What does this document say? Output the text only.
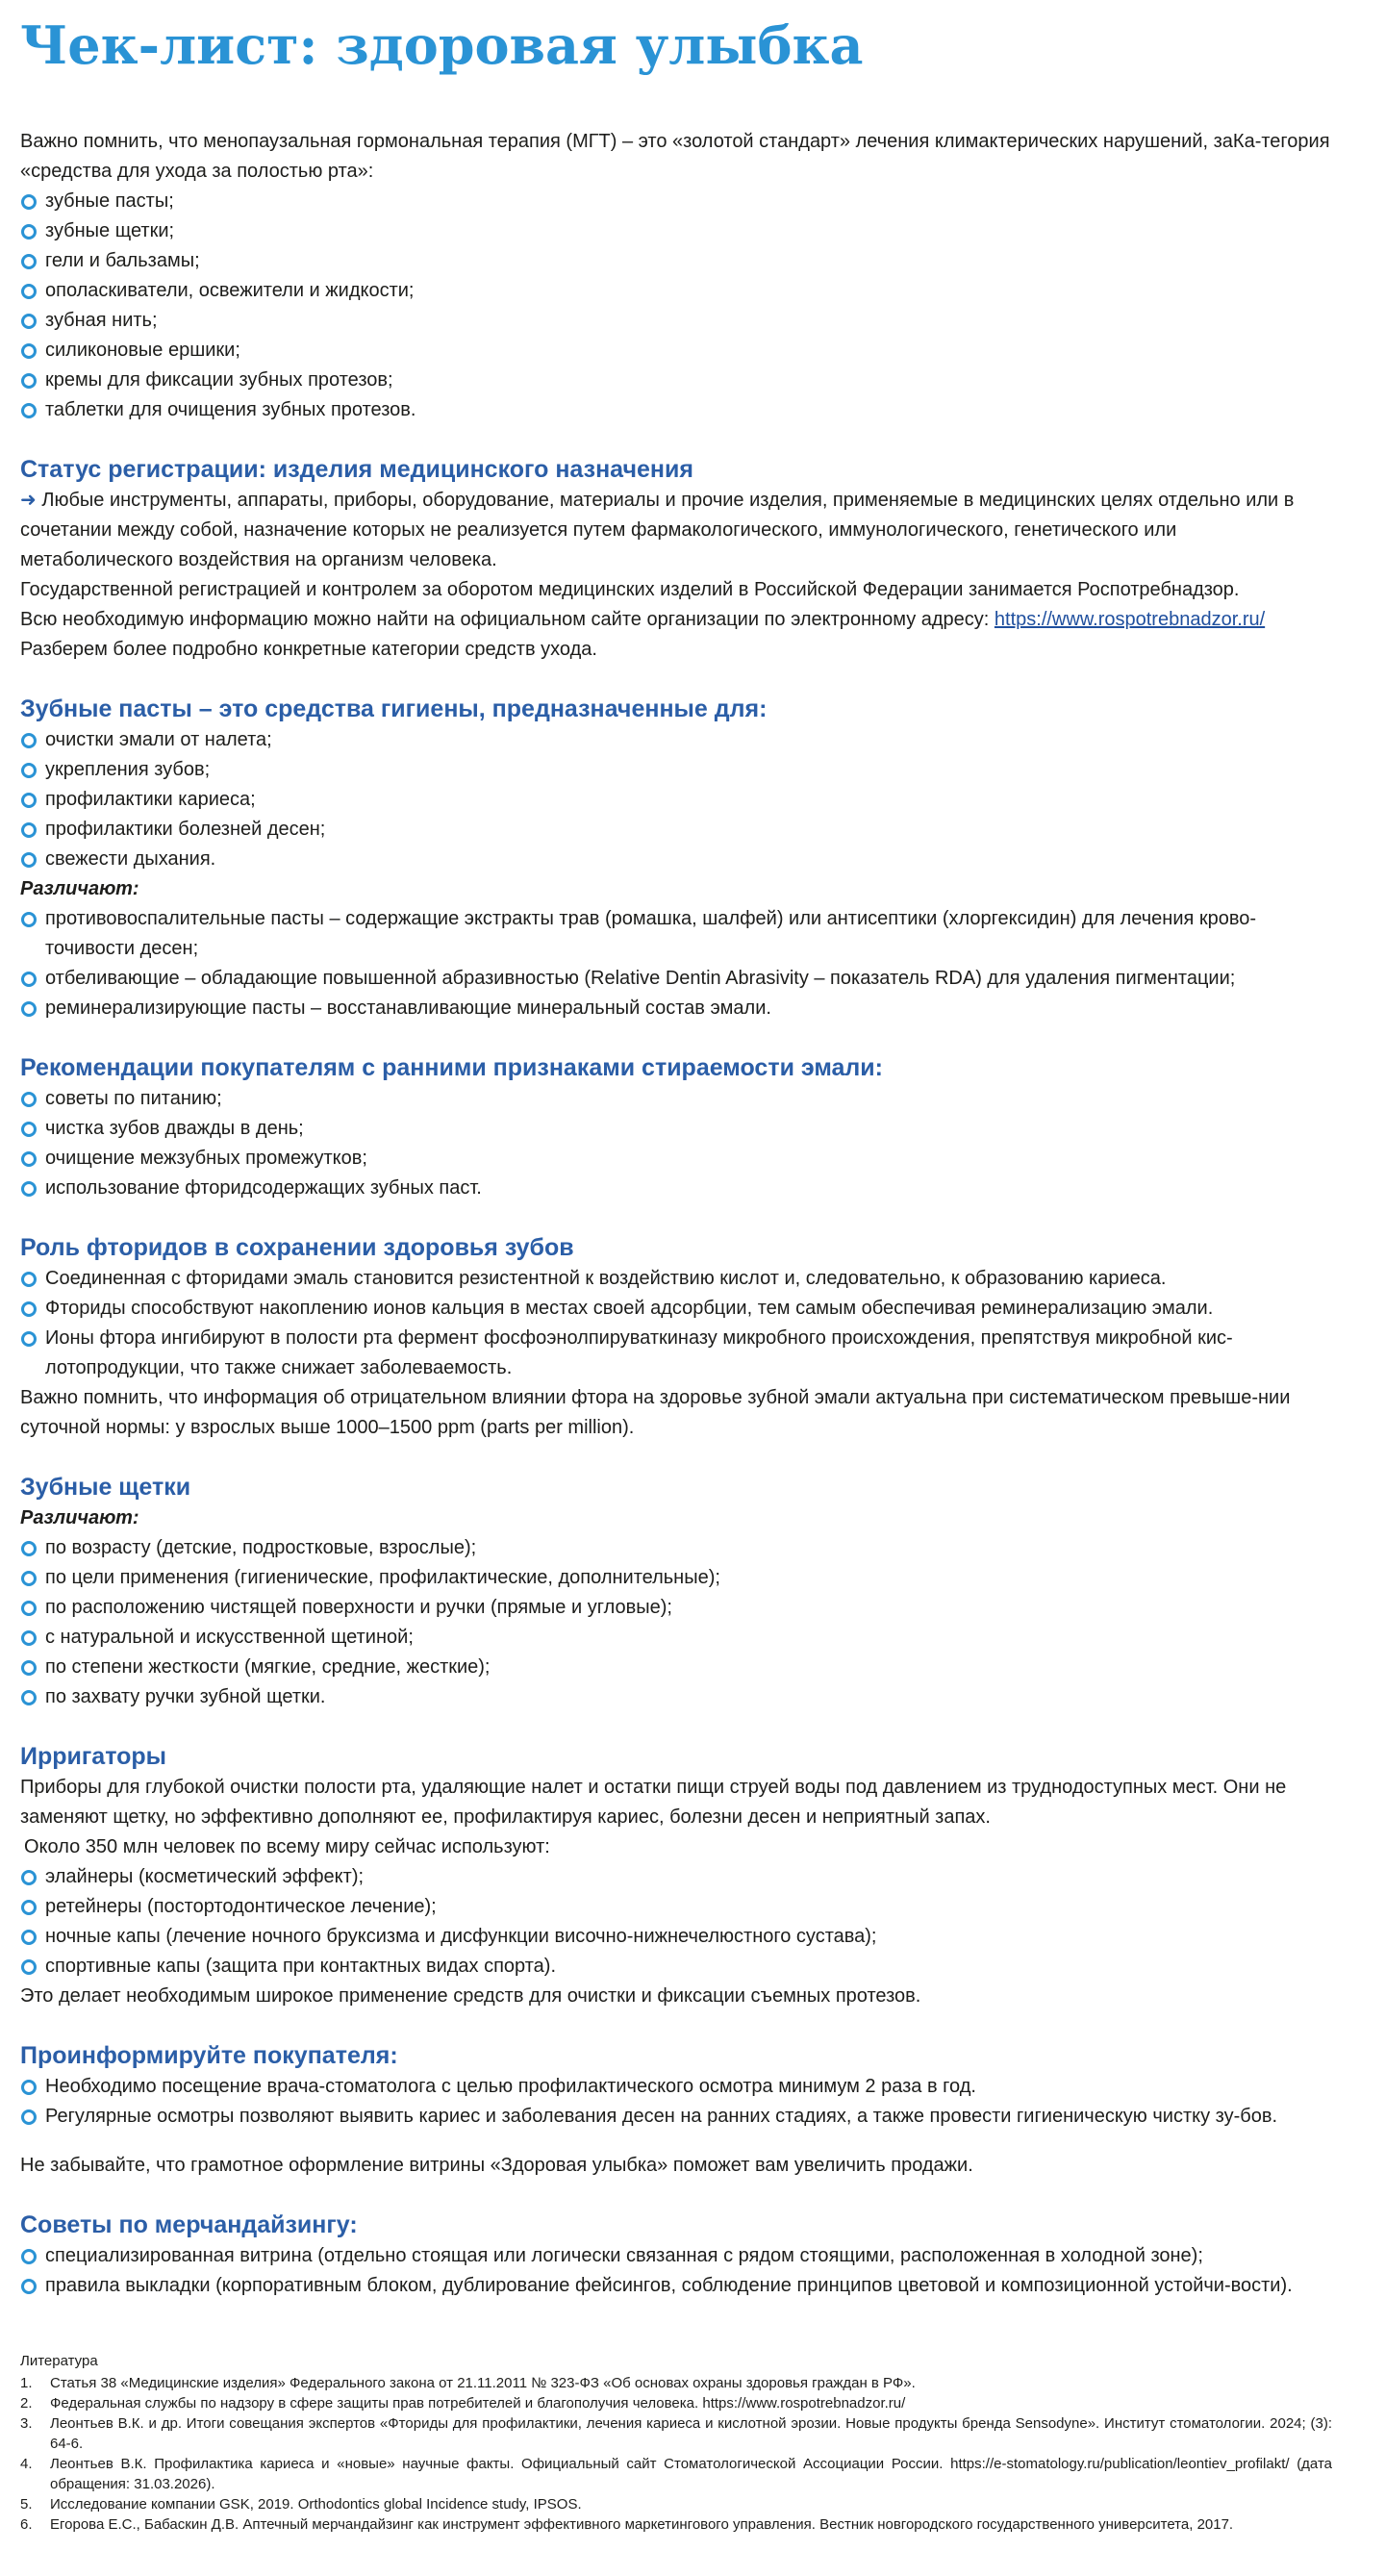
Чек-лист: здоровая улыбка

Важно помнить, что менопаузальная гормональная терапия (МГТ) – это «золотой стандарт» лечения климактерических нарушений, заКа-тегория «средства для ухода за полостью рта»:

зубные пасты;
зубные щетки;
гели и бальзамы;
ополаскиватели, освежители и жидкости;
зубная нить;
силиконовые ершики;
кремы для фиксации зубных протезов;
таблетки для очищения зубных протезов.
Статус регистрации: изделия медицинского назначения

➜ Любые инструменты, аппараты, приборы, оборудование, материалы и прочие изделия, применяемые в медицинских целях отдельно или в сочетании между собой, назначение которых не реализуется путем фармакологического, иммунологического, генетического или метаболического воздействия на организм человека.

Государственной регистрацией и контролем за оборотом медицинских изделий в Российской Федерации занимается Роспотребнадзор.

Всю необходимую информацию можно найти на официальном сайте организации по электронному адресу: https://www.rospotrebnadzor.ru/

Разберем более подробно конкретные категории средств ухода.

Зубные пасты – это средства гигиены, предназначенные для:
очистки эмали от налета;
укрепления зубов;
профилактики кариеса;
профилактики болезней десен;
свежести дыхания.
Различают:
противовоспалительные пасты – содержащие экстракты трав (ромашка, шалфей) или антисептики (хлоргексидин) для лечения крово-точивости десен;
отбеливающие – обладающие повышенной абразивностью (Relative Dentin Abrasivity – показатель RDA) для удаления пигментации;
реминерализирующие пасты – восстанавливающие минеральный состав эмали.
Рекомендации покупателям с ранними признаками стираемости эмали:
советы по питанию;
чистка зубов дважды в день;
очищение межзубных промежутков;
использование фторидсодержащих зубных паст.
Роль фторидов в сохранении здоровья зубов
Соединенная с фторидами эмаль становится резистентной к воздействию кислот и, следовательно, к образованию кариеса.
Фториды способствуют накоплению ионов кальция в местах своей адсорбции, тем самым обеспечивая реминерализацию эмали.
Ионы фтора ингибируют в полости рта фермент фосфоэнолпируваткиназу микробного происхождения, препятствуя микробной кис-лотопродукции, что также снижает заболеваемость.

Важно помнить, что информация об отрицательном влиянии фтора на здоровье зубной эмали актуальна при систематическом превыше-нии суточной нормы: у взрослых выше 1000–1500 ppm (parts per million).

Зубные щетки
Различают:
по возрасту (детские, подростковые, взрослые);
по цели применения (гигиенические, профилактические, дополнительные);
по расположению чистящей поверхности и ручки (прямые и угловые);
с натуральной и искусственной щетиной;
по степени жесткости (мягкие, средние, жесткие);
по захвату ручки зубной щетки.
Ирригаторы

Приборы для глубокой очистки полости рта, удаляющие налет и остатки пищи струей воды под давлением из труднодоступных мест. Они не заменяют щетку, но эффективно дополняют ее, профилактируя кариес, болезни десен и неприятный запах.

Около 350 млн человек по всему миру сейчас используют:

элайнеры (косметический эффект);
ретейнеры (постортодонтическое лечение);
ночные капы (лечение ночного бруксизма и дисфункции височно-нижнечелюстного сустава);
спортивные капы (защита при контактных видах спорта).

Это делает необходимым широкое применение средств для очистки и фиксации съемных протезов.

Проинформируйте покупателя:
Необходимо посещение врача-стоматолога с целью профилактического осмотра минимум 2 раза в год.
Регулярные осмотры позволяют выявить кариес и заболевания десен на ранних стадиях, а также провести гигиеническую чистку зу-бов.

Не забывайте, что грамотное оформление витрины «Здоровая улыбка» поможет вам увеличить продажи.

Советы по мерчандайзингу:
специализированная витрина (отдельно стоящая или логически связанная с рядом стоящими, расположенная в холодной зоне);
правила выкладки (корпоративным блоком, дублирование фейсингов, соблюдение принципов цветовой и композиционной устойчи-вости).
Литература
1. Статья 38 «Медицинские изделия» Федерального закона от 21.11.2011 № 323-ФЗ «Об основах охраны здоровья граждан в РФ».
2. Федеральная службы по надзору в сфере защиты прав потребителей и благополучия человека. https://www.rospotrebnadzor.ru/
3. Леонтьев В.К. и др. Итоги совещания экспертов «Фториды для профилактики, лечения кариеса и кислотной эрозии. Новые продукты бренда Sensodyne». Институт стоматологии. 2024; (3): 64-6.
4. Леонтьев В.К. Профилактика кариеса и «новые» научные факты. Официальный сайт Стоматологической Ассоциации России. https://e-stomatology.ru/publication/leontiev_profilakt/ (дата обращения: 31.03.2026).
5. Исследование компании GSK, 2019. Orthodontics global Incidence study, IPSOS.
6. Егорова Е.С., Бабаскин Д.В. Аптечный мерчандайзинг как инструмент эффективного маркетингового управления. Вестник новгородского государственного университета, 2017.
